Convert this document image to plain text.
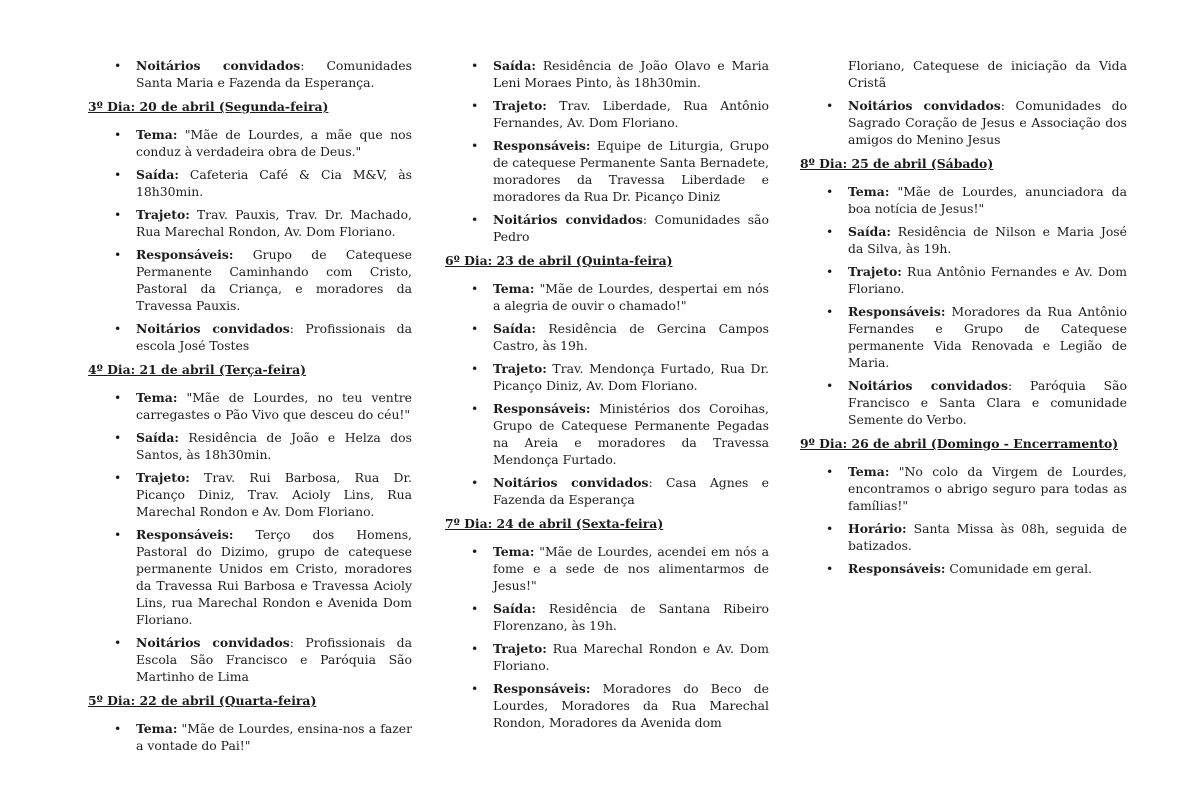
• Noitários convidados: Comunidades Santa Maria e Fazenda da Esperança.
3º Dia: 20 de abril (Segunda-feira)
• Tema: "Mãe de Lourdes, a mãe que nos conduz à verdadeira obra de Deus."
• Saída: Cafeteria Café & Cia M&V, às 18h30min.
• Trajeto: Trav. Pauxis, Trav. Dr. Machado, Rua Marechal Rondon, Av. Dom Floriano.
• Responsáveis: Grupo de Catequese Permanente Caminhando com Cristo, Pastoral da Criança, e moradores da Travessa Pauxis.
• Noitários convidados: Profissionais da escola José Tostes
4º Dia: 21 de abril (Terça-feira)
• Tema: "Mãe de Lourdes, no teu ventre carregastes o Pão Vivo que desceu do céu!"
• Saída: Residência de João e Helza dos Santos, às 18h30min.
• Trajeto: Trav. Rui Barbosa, Rua Dr. Picanço Diniz, Trav. Acioly Lins, Rua Marechal Rondon e Av. Dom Floriano.
• Responsáveis: Terço dos Homens, Pastoral do Dizimo, grupo de catequese permanente Unidos em Cristo, moradores da Travessa Rui Barbosa e Travessa Acioly Lins, rua Marechal Rondon e Avenida Dom Floriano.
• Noitários convidados: Profissionais da Escola São Francisco e Paróquia São Martinho de Lima
5º Dia: 22 de abril (Quarta-feira)
• Tema: "Mãe de Lourdes, ensina-nos a fazer a vontade do Pai!"
• Saída: Residência de João Olavo e Maria Leni Moraes Pinto, às 18h30min.
• Trajeto: Trav. Liberdade, Rua Antônio Fernandes, Av. Dom Floriano.
• Responsáveis: Equipe de Liturgia, Grupo de catequese Permanente Santa Bernadete, moradores da Travessa Liberdade e moradores da Rua Dr. Picanço Diniz
• Noitários convidados: Comunidades são Pedro
6º Dia: 23 de abril (Quinta-feira)
• Tema: "Mãe de Lourdes, despertai em nós a alegria de ouvir o chamado!"
• Saída: Residência de Gercina Campos Castro, às 19h.
• Trajeto: Trav. Mendonça Furtado, Rua Dr. Picanço Diniz, Av. Dom Floriano.
• Responsáveis: Ministérios dos Coroihas, Grupo de Catequese Permanente Pegadas na Areia e moradores da Travessa Mendonça Furtado.
• Noitários convidados: Casa Agnes e Fazenda da Esperança
7º Dia: 24 de abril (Sexta-feira)
• Tema: "Mãe de Lourdes, acendei em nós a fome e a sede de nos alimentarmos de Jesus!"
• Saída: Residência de Santana Ribeiro Florenzano, às 19h.
• Trajeto: Rua Marechal Rondon e Av. Dom Floriano.
• Responsáveis: Moradores do Beco de Lourdes, Moradores da Rua Marechal Rondon, Moradores da Avenida dom
Floriano, Catequese de iniciação da Vida Cristã
• Noitários convidados: Comunidades do Sagrado Coração de Jesus e Associação dos amigos do Menino Jesus
8º Dia: 25 de abril (Sábado)
• Tema: "Mãe de Lourdes, anunciadora da boa notícia de Jesus!"
• Saída: Residência de Nilson e Maria José da Silva, às 19h.
• Trajeto: Rua Antônio Fernandes e Av. Dom Floriano.
• Responsáveis: Moradores da Rua Antônio Fernandes e Grupo de Catequese permanente Vida Renovada e Legião de Maria.
• Noitários convidados: Paróquia São Francisco e Santa Clara e comunidade Semente do Verbo.
9º Dia: 26 de abril (Domingo - Encerramento)
• Tema: "No colo da Virgem de Lourdes, encontramos o abrigo seguro para todas as famílias!"
• Horário: Santa Missa às 08h, seguida de batizados.
• Responsáveis: Comunidade em geral.
